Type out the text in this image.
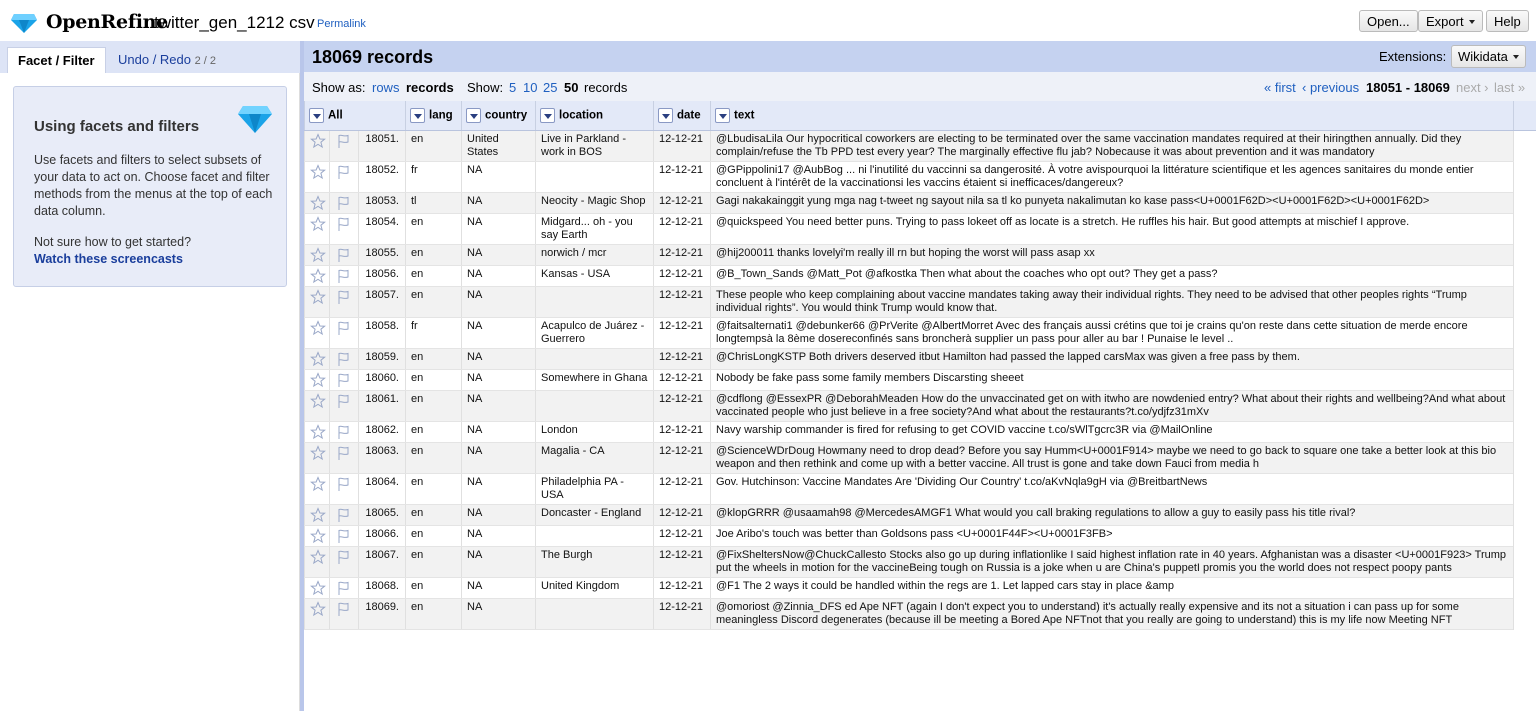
OpenRefine
twitter_gen_1212 csv Permalink	Open...	Export	Help
Facet / Filter	Undo / Redo 2 / 2
Using facets and filters
Use facets and filters to select subsets of your data to act on. Choose facet and filter methods from the menus at the top of each data column.
Not sure how to get started?
Watch these screencasts
18069 records	Extensions: Wikidata
Show as: rows records Show: 5 10 25 50 records	« first ‹ previous 18051 - 18069 next › last »
All			lang	country	location	date	text	

	18051.	en	United States	Live in Parkland - work in BOS	12-12-21	@LbudisaLila Our hypocritical coworkers are electing to be terminated over the same vaccination mandates required at their hiringthen annually. Did they complain/refuse the Tb PPD test every year? The marginally effective flu jab? Nobecause it was about prevention and it was mandatory	

	18052.	fr	NA		12-12-21	@GPippolini17 @AubBog ... ni l'inutilité du vaccinni sa dangerosité. À votre avispourquoi la littérature scientifique et les agences sanitaires du monde entier concluent à l'intérêt de la vaccinationsi les vaccins étaient si inefficaces/dangereux?	

	18053.	tl	NA	Neocity - Magic Shop	12-12-21	Gagi nakakainggit yung mga nag t-tweet ng sayout nila sa tl ko punyeta nakalimutan ko kase pass<U+0001F62D><U+0001F62D><U+0001F62D>	

	18054.	en	NA	Midgard... oh - you say Earth	12-12-21	@quickspeed You need better puns. Trying to pass lokeet off as locate is a stretch. He ruffles his hair. But good attempts at mischief I approve.	

	18055.	en	NA	norwich / mcr	12-12-21	@hij200011 thanks lovelyi'm really ill rn but hoping the worst will pass asap xx	

	18056.	en	NA	Kansas - USA	12-12-21	@B_Town_Sands @Matt_Pot @afkostka Then what about the coaches who opt out? They get a pass?	

	18057.	en	NA		12-12-21	These people who keep complaining about vaccine mandates taking away their individual rights. They need to be advised that other peoples rights “Trump individual rights”. You would think Trump would know that.	

	18058.	fr	NA	Acapulco de Juárez - Guerrero	12-12-21	@faitsalternati1 @debunker66 @PrVerite @AlbertMorret Avec des français aussi crétins que toi je crains qu'on reste dans cette situation de merde encore longtempsà la 8ème dosereconfinés sans broncherà supplier un pass pour aller au bar ! Punaise le level ..	

	18059.	en	NA		12-12-21	@ChrisLongKSTP Both drivers deserved itbut Hamilton had passed the lapped carsMax was given a free pass by them.	

	18060.	en	NA	Somewhere in Ghana	12-12-21	Nobody be fake pass some family members Discarsting sheeet	

	18061.	en	NA		12-12-21	@cdflong @EssexPR @DeborahMeaden How do the unvaccinated get on with itwho are nowdenied entry? What about their rights and wellbeing?And what about vaccinated people who just believe in a free society?And what about the restaurants?t.co/ydjfz31mXv	

	18062.	en	NA	London	12-12-21	Navy warship commander is fired for refusing to get COVID vaccine t.co/sWlTgcrc3R via @MailOnline	

	18063.	en	NA	Magalia - CA	12-12-21	@ScienceWDrDoug Howmany need to drop dead? Before you say Humm<U+0001F914> maybe we need to go back to square one take a better look at this bio weapon and then rethink and come up with a better vaccine. All trust is gone and take down Fauci from media h	

	18064.	en	NA	Philadelphia PA - USA	12-12-21	Gov. Hutchinson: Vaccine Mandates Are 'Dividing Our Country' t.co/aKvNqla9gH via @BreitbartNews	

	18065.	en	NA	Doncaster - England	12-12-21	@klopGRRR @usaamah98 @MercedesAMGF1 What would you call braking regulations to allow a guy to easily pass his title rival?	

	18066.	en	NA		12-12-21	Joe Aribo's touch was better than Goldsons pass <U+0001F44F><U+0001F3FB>	

	18067.	en	NA	The Burgh	12-12-21	@FixSheltersNow@ChuckCallesto Stocks also go up during inflationlike I said highest inflation rate in 40 years. Afghanistan was a disaster <U+0001F923> Trump put the wheels in motion for the vaccineBeing tough on Russia is a joke when u are China's puppetI promis you the world does not respect poopy pants	

	18068.	en	NA	United Kingdom	12-12-21	@F1 The 2 ways it could be handled within the regs are 1. Let lapped cars stay in place &amp	

	18069.	en	NA		12-12-21	@omoriost @Zinnia_DFS ed Ape NFT (again I don't expect you to understand) it's actually really expensive and its not a situation i can pass up for some meaningless Discord degenerates (because ill be meeting a Bored Ape NFTnot that you really are going to understand) this is my life now Meeting NFT	
